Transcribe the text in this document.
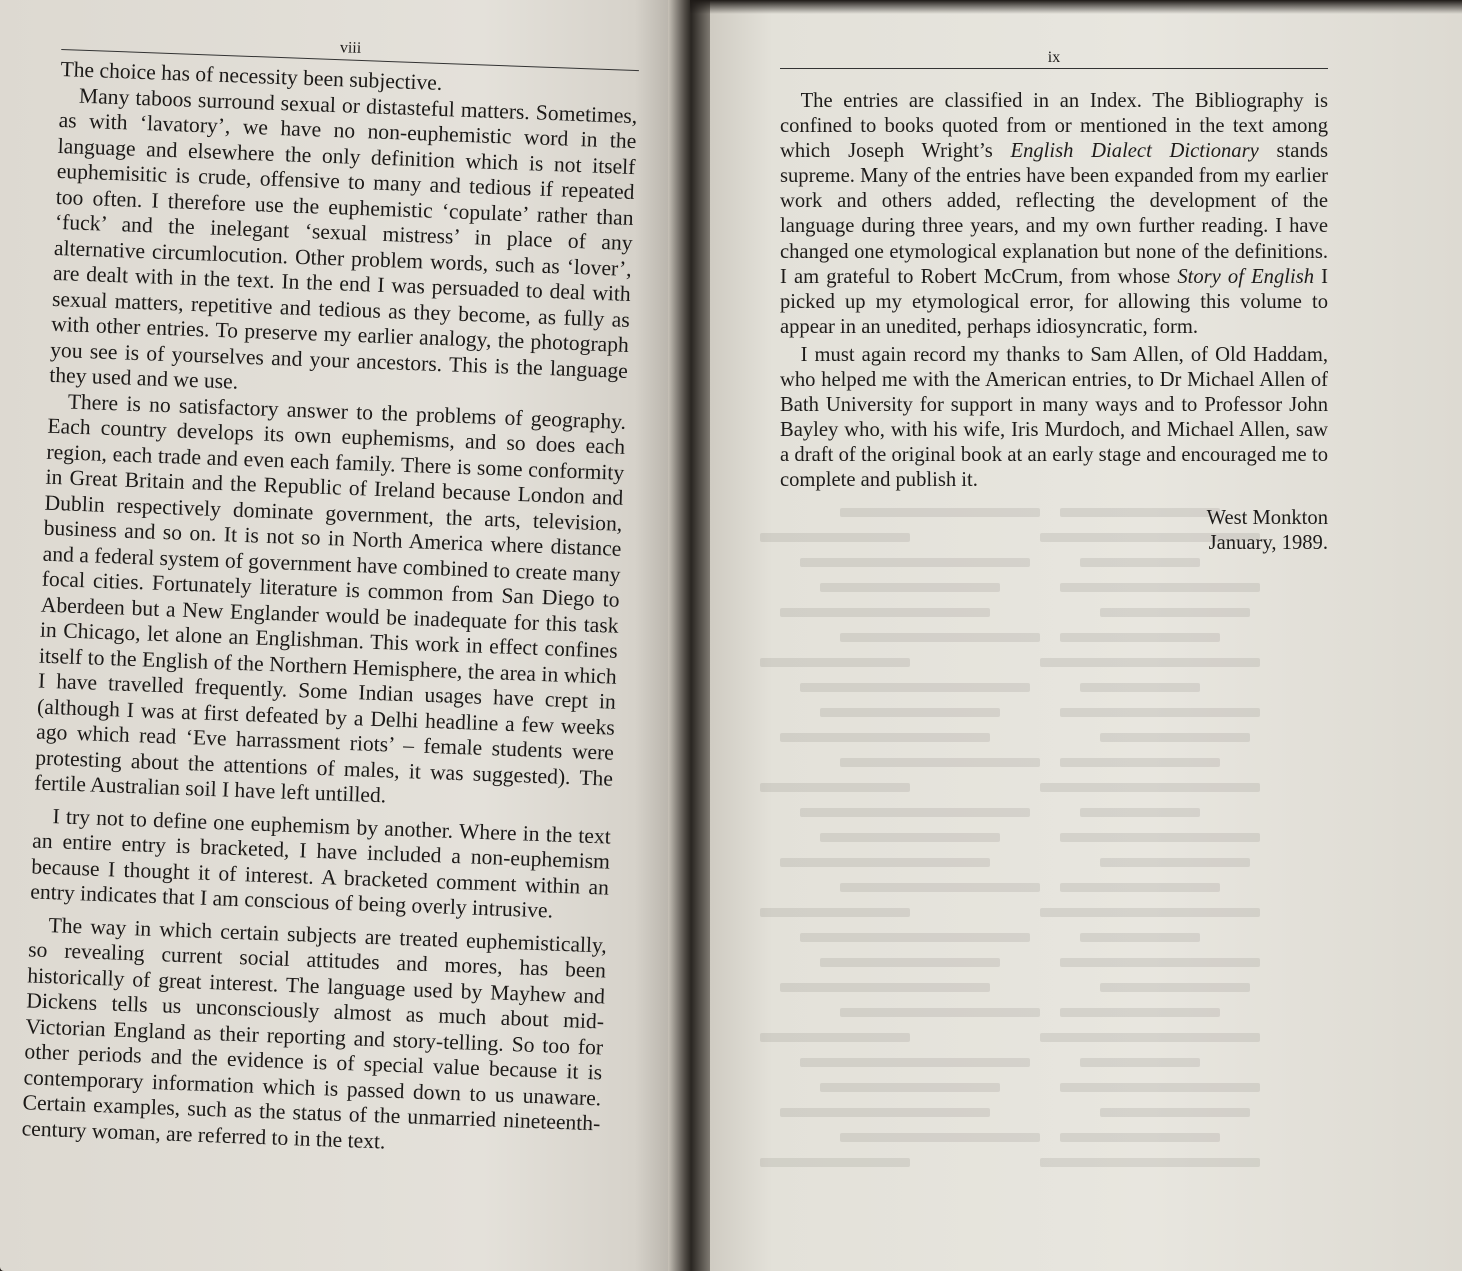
viii

The choice has of necessity been subjective.

Many taboos surround sexual or distasteful matters. Sometimes, as with ‘lavatory’, we have no non-euphemistic word in the language and elsewhere the only definition which is not itself euphemisitic is crude, offensive to many and tedious if repeated too often. I therefore use the euphemistic ‘copulate’ rather than ‘fuck’ and the inelegant ‘sexual mistress’ in place of any alternative circumlocution. Other problem words, such as ‘lover’, are dealt with in the text. In the end I was persuaded to deal with sexual matters, repetitive and tedious as they become, as fully as with other entries. To preserve my earlier analogy, the photograph you see is of yourselves and your ancestors. This is the language they used and we use.

There is no satisfactory answer to the problems of geography. Each country develops its own euphemisms, and so does each region, each trade and even each family. There is some conformity in Great Britain and the Republic of Ireland because London and Dublin respectively dominate government, the arts, television, business and so on. It is not so in North America where distance and a federal system of government have combined to create many focal cities. Fortunately literature is common from San Diego to Aberdeen but a New Englander would be inadequate for this task in Chicago, let alone an Englishman. This work in effect confines itself to the English of the Northern Hemisphere, the area in which I have travelled frequently. Some Indian usages have crept in (although I was at first defeated by a Delhi headline a few weeks ago which read ‘Eve harrassment riots’ – female students were protesting about the attentions of males, it was suggested). The fertile Australian soil I have left untilled.

I try not to define one euphemism by another. Where in the text an entire entry is bracketed, I have included a non-euphemism because I thought it of interest. A bracketed comment within an entry indicates that I am conscious of being overly intrusive.

The way in which certain subjects are treated euphemistically, so revealing current social attitudes and mores, has been historically of great interest. The language used by Mayhew and Dickens tells us unconsciously almost as much about mid-Victorian England as their reporting and story-telling. So too for other periods and the evidence is of special value because it is contemporary information which is passed down to us unaware. Certain examples, such as the status of the unmarried nineteenth-century woman, are referred to in the text.

ix

The entries are classified in an Index. The Bibliography is confined to books quoted from or mentioned in the text among which Joseph Wright’s English Dialect Dictionary stands supreme. Many of the entries have been expanded from my earlier work and others added, reflecting the development of the language during three years, and my own further reading. I have changed one etymological explanation but none of the definitions. I am grateful to Robert McCrum, from whose Story of English I picked up my etymological error, for allowing this volume to appear in an unedited, perhaps idiosyncratic, form.

I must again record my thanks to Sam Allen, of Old Haddam, who helped me with the American entries, to Dr Michael Allen of Bath University for support in many ways and to Professor John Bayley who, with his wife, Iris Murdoch, and Michael Allen, saw a draft of the original book at an early stage and encouraged me to complete and publish it.

West Monkton
January, 1989.
